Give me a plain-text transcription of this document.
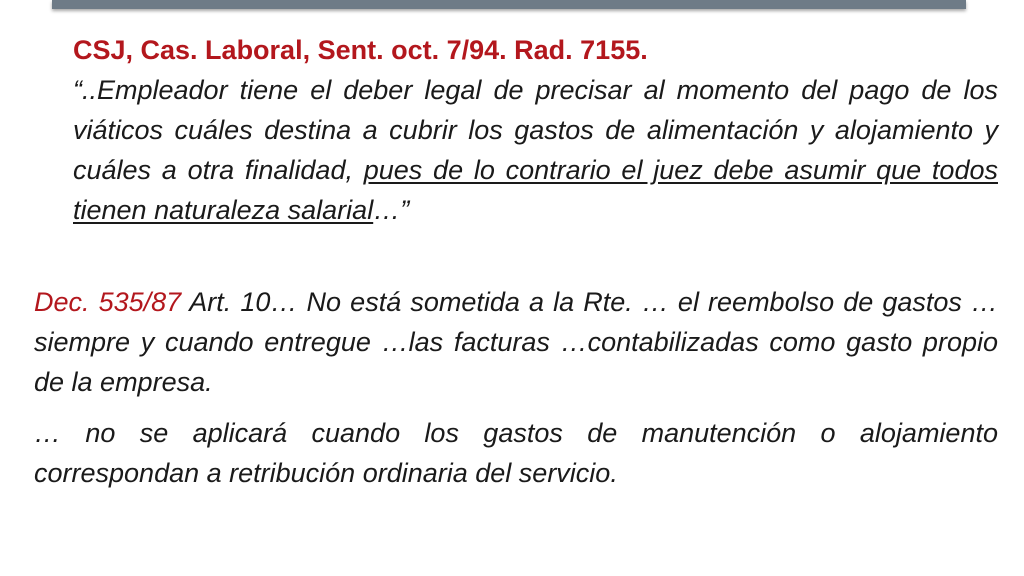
CSJ, Cas. Laboral, Sent. oct. 7/94. Rad. 7155.

“..Empleador tiene el deber legal de precisar al momento del pago de los viáticos cuáles destina a cubrir los gastos de alimentación y alojamiento y cuáles a otra finalidad, pues de lo contrario el juez debe asumir que todos tienen naturaleza salarial…”

Dec. 535/87 Art. 10… No está sometida a la Rte. … el reembolso de gastos …siempre y cuando entregue …las facturas …contabilizadas como gasto propio de la empresa.

… no se aplicará cuando los gastos de manutención o alojamiento correspondan a retribución ordinaria del servicio.
